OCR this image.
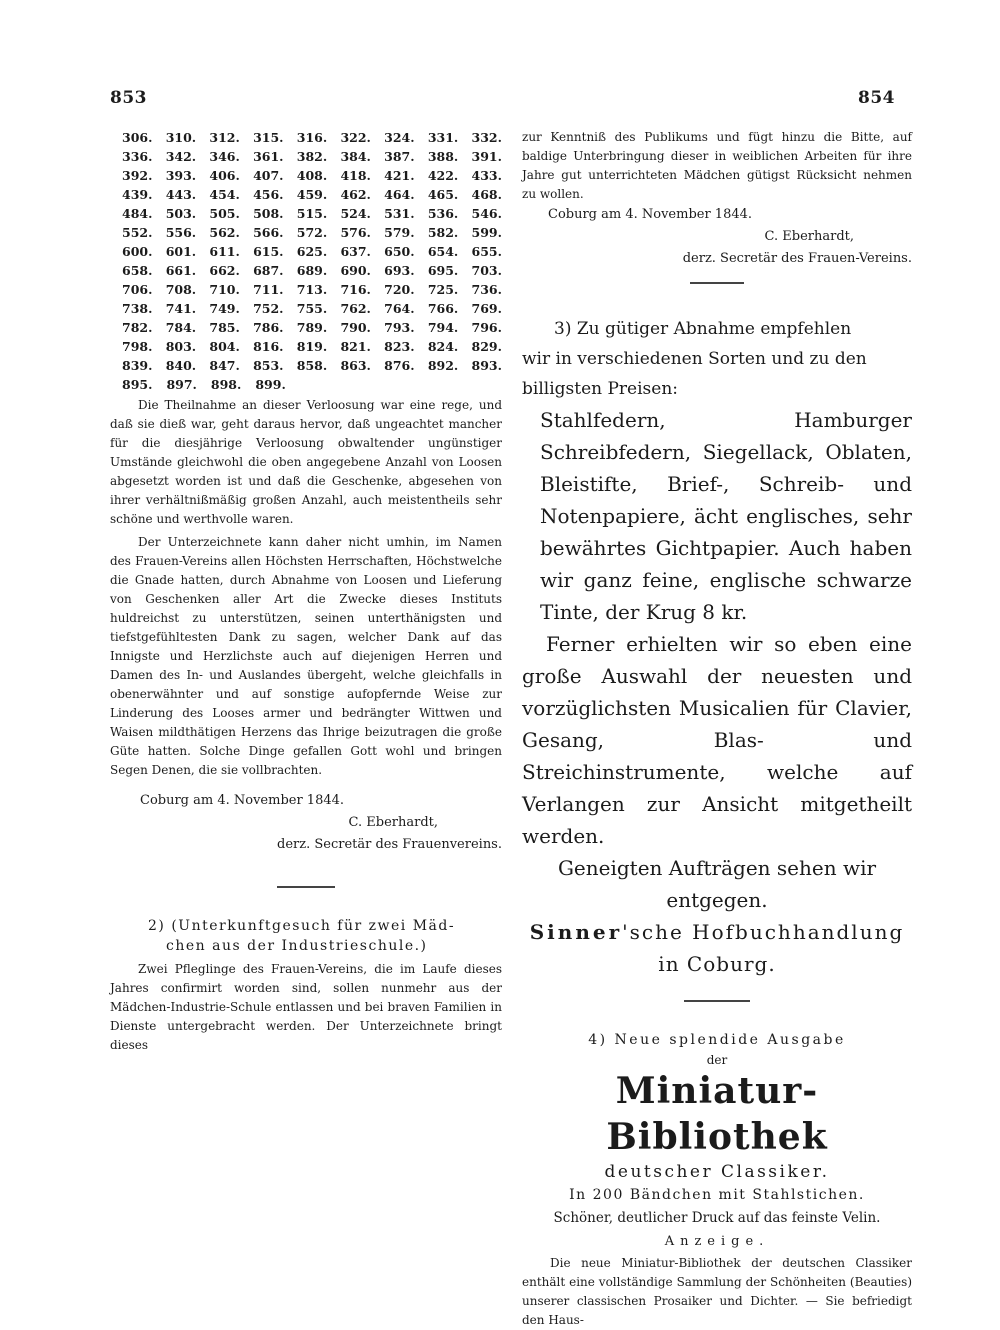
853	854
306. 310. 312. 315. 316. 322. 324. 331. 332.
336. 342. 346. 361. 382. 384. 387. 388. 391.
392. 393. 406. 407. 408. 418. 421. 422. 433.
439. 443. 454. 456. 459. 462. 464. 465. 468.
484. 503. 505. 508. 515. 524. 531. 536. 546.
552. 556. 562. 566. 572. 576. 579. 582. 599.
600. 601. 611. 615. 625. 637. 650. 654. 655.
658. 661. 662. 687. 689. 690. 693. 695. 703.
706. 708. 710. 711. 713. 716. 720. 725. 736.
738. 741. 749. 752. 755. 762. 764. 766. 769.
782. 784. 785. 786. 789. 790. 793. 794. 796.
798. 803. 804. 816. 819. 821. 823. 824. 829.
839. 840. 847. 853. 858. 863. 876. 892. 893.
895. 897. 898. 899.

Die Theilnahme an dieser Verloosung war eine rege, und daß sie dieß war, geht daraus hervor, daß ungeachtet mancher für die diesjährige Verloosung obwaltender ungünstiger Umstände gleichwohl die oben angegebene Anzahl von Loosen abgesetzt worden ist und daß die Geschenke, abgesehen von ihrer verhältnißmäßig großen Anzahl, auch meistentheils sehr schöne und werthvolle waren.

Der Unterzeichnete kann daher nicht umhin, im Namen des Frauen-Vereins allen Höchsten Herrschaften, Höchstwelche die Gnade hatten, durch Abnahme von Loosen und Lieferung von Geschenken aller Art die Zwecke dieses Instituts huldreichst zu unterstützen, seinen unterthänigsten und tiefstgefühltesten Dank zu sagen, welcher Dank auf das Innigste und Herzlichste auch auf diejenigen Herren und Damen des In- und Auslandes übergeht, welche gleichfalls in obenerwähnter und auf sonstige aufopfernde Weise zur Linderung des Looses armer und bedrängter Wittwen und Waisen mildthätigen Herzens das Ihrige beizutragen die große Güte hatten. Solche Dinge gefallen Gott wohl und bringen Segen Denen, die sie vollbrachten.

Coburg am 4. November 1844.
C. Eberhardt,
derz. Secretär des Frauenvereins.
2) (Unterkunftgesuch für zwei Mäd-
chen aus der Industrieschule.)

Zwei Pfleglinge des Frauen-Vereins, die im Laufe dieses Jahres confirmirt worden sind, sollen nunmehr aus der Mädchen-Industrie-Schule entlassen und bei braven Familien in Dienste untergebracht werden. Der Unterzeichnete bringt dieses

zur Kenntniß des Publikums und fügt hinzu die Bitte, auf baldige Unterbringung dieser in weiblichen Arbeiten für ihre Jahre gut unterrichteten Mädchen gütigst Rücksicht nehmen zu wollen.

Coburg am 4. November 1844.
C. Eberhardt,
derz. Secretär des Frauen-Vereins.

3) Zu gütiger Abnahme empfehlen

wir in verschiedenen Sorten und zu den

billigsten Preisen:

Stahlfedern, Hamburger Schreibfedern, Siegellack, Oblaten, Bleistifte, Brief-, Schreib- und Notenpapiere, ächt englisches, sehr bewährtes Gichtpapier. Auch haben wir ganz feine, englische schwarze Tinte, der Krug 8 kr.

Ferner erhielten wir so eben eine große Auswahl der neuesten und vorzüglichsten Musicalien für Clavier, Gesang, Blas- und Streichinstrumente, welche auf Verlangen zur Ansicht mitgetheilt werden.

Geneigten Aufträgen sehen wir entgegen.

Sinner'sche Hofbuchhandlung

in Coburg.

4) Neue splendide Ausgabe
der
Miniatur-Bibliothek
deutscher Classiker.
In 200 Bändchen mit Stahlstichen.
Schöner, deutlicher Druck auf das feinste Velin.
Anzeige.

Die neue Miniatur-Bibliothek der deutschen Classiker enthält eine vollständige Sammlung der Schönheiten (Beauties) unserer classischen Prosaiker und Dichter. — Sie befriedigt den Haus-
